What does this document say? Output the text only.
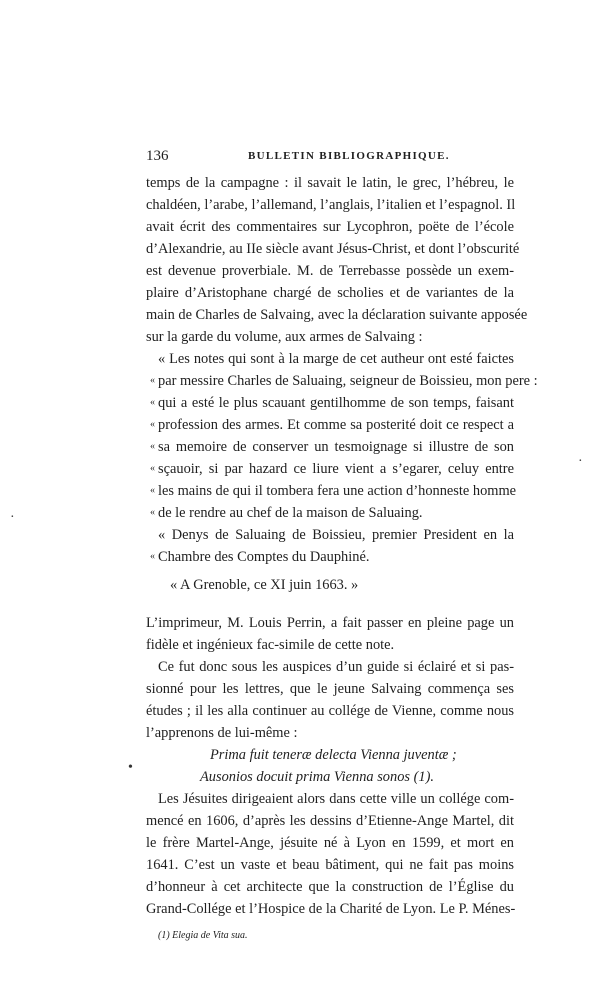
136	BULLETIN BIBLIOGRAPHIQUE.
temps de la campagne : il savait le latin, le grec, l’hébreu, le
chaldéen, l’arabe, l’allemand, l’anglais, l’italien et l’espagnol. Il
avait écrit des commentaires sur Lycophron, poëte de l’école
d’Alexandrie, au IIe siècle avant Jésus-Christ, et dont l’obscurité
est devenue proverbiale. M. de Terrebasse possède un exem-
plaire d’Aristophane chargé de scholies et de variantes de la
main de Charles de Salvaing, avec la déclaration suivante apposée
sur la garde du volume, aux armes de Salvaing :
« Les notes qui sont à la marge de cet autheur ont esté faictes
« par messire Charles de Saluaing, seigneur de Boissieu, mon pere :
« qui a esté le plus scauant gentilhomme de son temps, faisant
« profession des armes. Et comme sa posterité doit ce respect a
« sa memoire de conserver un tesmoignage si illustre de son
« sçauoir, si par hazard ce liure vient a s’egarer, celuy entre
« les mains de qui il tombera fera une action d’honneste homme
« de le rendre au chef de la maison de Saluaing.
« Denys de Saluaing de Boissieu, premier President en la
« Chambre des Comptes du Dauphiné.
« A Grenoble, ce XI juin 1663. »
L’imprimeur, M. Louis Perrin, a fait passer en pleine page un
fidèle et ingénieux fac-simile de cette note.
Ce fut donc sous les auspices d’un guide si éclairé et si pas-
sionné pour les lettres, que le jeune Salvaing commença ses
études ; il les alla continuer au collége de Vienne, comme nous
l’apprenons de lui-même :
Prima fuit teneræ delecta Vienna juventæ ;
Ausonios docuit prima Vienna sonos (1).
Les Jésuites dirigeaient alors dans cette ville un collége com-
mencé en 1606, d’après les dessins d’Etienne-Ange Martel, dit
le frère Martel-Ange, jésuite né à Lyon en 1599, et mort en
1641. C’est un vaste et beau bâtiment, qui ne fait pas moins
d’honneur à cet architecte que la construction de l’Église du
Grand-Collége et l’Hospice de la Charité de Lyon. Le P. Ménes-
(1) Elegia de Vita sua.
·
•
·
